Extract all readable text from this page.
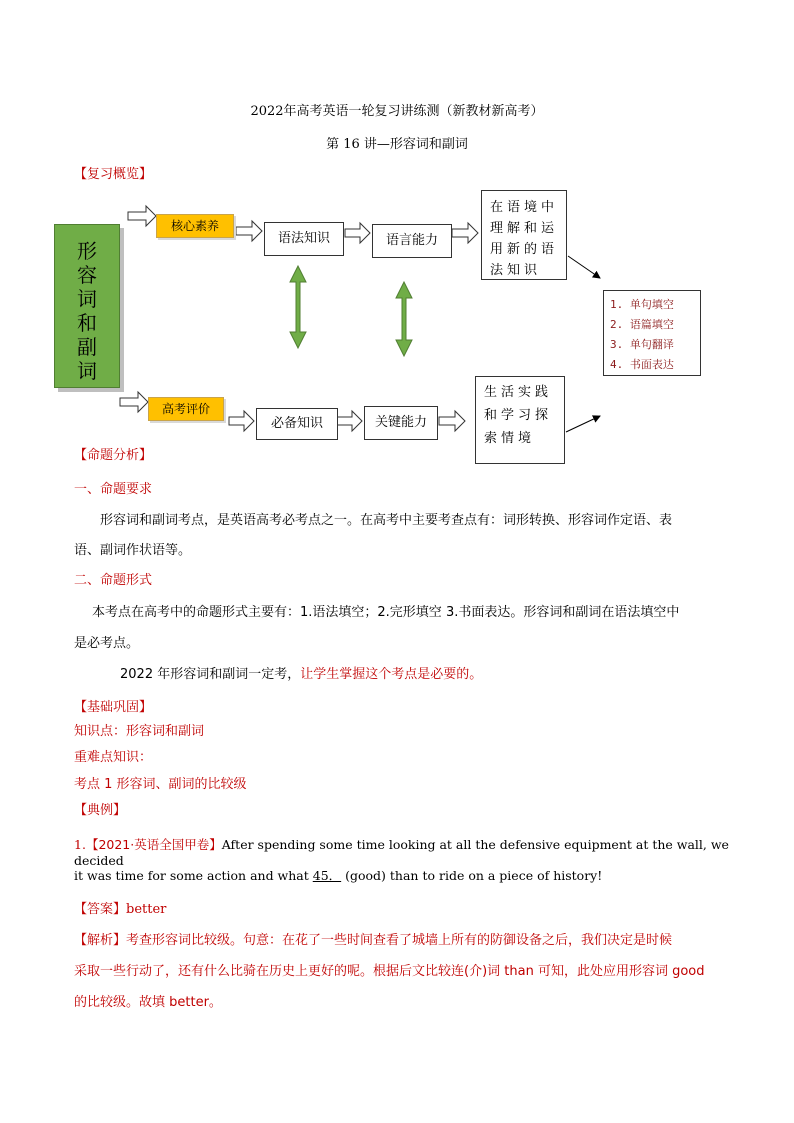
2022年高考英语一轮复习讲练测（新教材新高考）
第 16 讲—形容词和副词
【复习概览】
形
容
词
和
副
词
核心素养
高考评价
语法知识	语言能力
在语境中理解和运用新的语法知识
必备知识	关键能力
生活实践和学习探索情境
1. 单句填空
2. 语篇填空
3. 单句翻译
4. 书面表达
【命题分析】
一、命题要求
形容词和副词考点，是英语高考必考点之一。在高考中主要考查点有：词形转换、形容词作定语、表
语、副词作状语等。
二、命题形式
本考点在高考中的命题形式主要有：1.语法填空；2.完形填空 3.书面表达。形容词和副词在语法填空中
是必考点。
2022 年形容词和副词一定考，让学生掌握这个考点是必要的。
【基础巩固】
知识点：形容词和副词
重难点知识：
考点 1 形容词、副词的比较级
【典例】
1.【2021·英语全国甲卷】After spending some time looking at all the defensive equipment at the wall, we decided
it was time for some action and what 45． (good) than to ride on a piece of history!
【答案】better
【解析】考查形容词比较级。句意：在花了一些时间查看了城墙上所有的防御设备之后，我们决定是时候
采取一些行动了，还有什么比骑在历史上更好的呢。根据后文比较连(介)词 than 可知，此处应用形容词 good
的比较级。故填 better。
